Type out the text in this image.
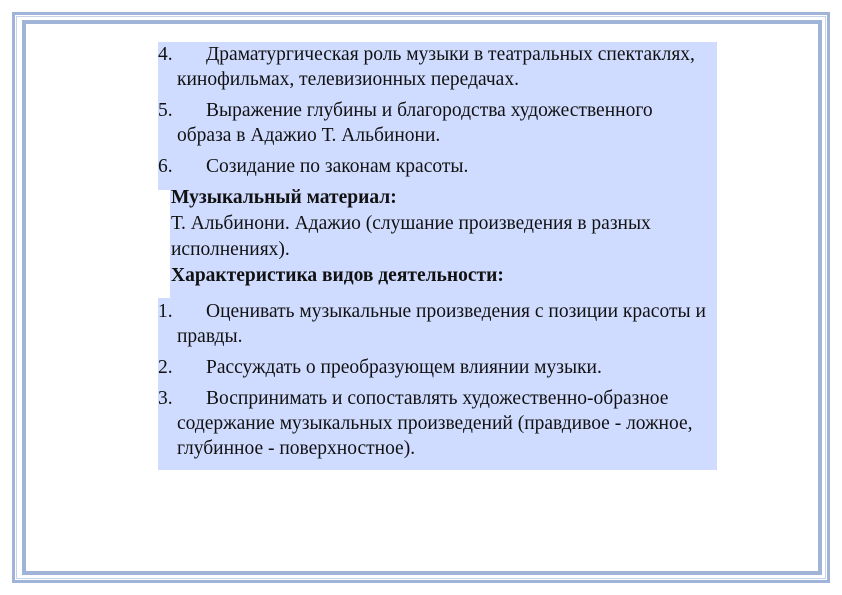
4. Драматургическая роль музыки в театральных спектаклях, кинофильмах, телевизионных передачах.
5. Выражение глубины и благородства художественного образа в Адажио Т. Альбинони.
6. Созидание по законам красоты.
Музыкальный материал:
Т. Альбинони. Адажио (слушание произведения в разных исполнениях).
Характеристика видов деятельности:
1. Оценивать музыкальные произведения с позиции красоты и правды.
2. Рассуждать о преобразующем влиянии музыки.
3. Воспринимать и сопоставлять художественно-образное содержание музыкальных произведений (правдивое - ложное, глубинное - поверхностное).
